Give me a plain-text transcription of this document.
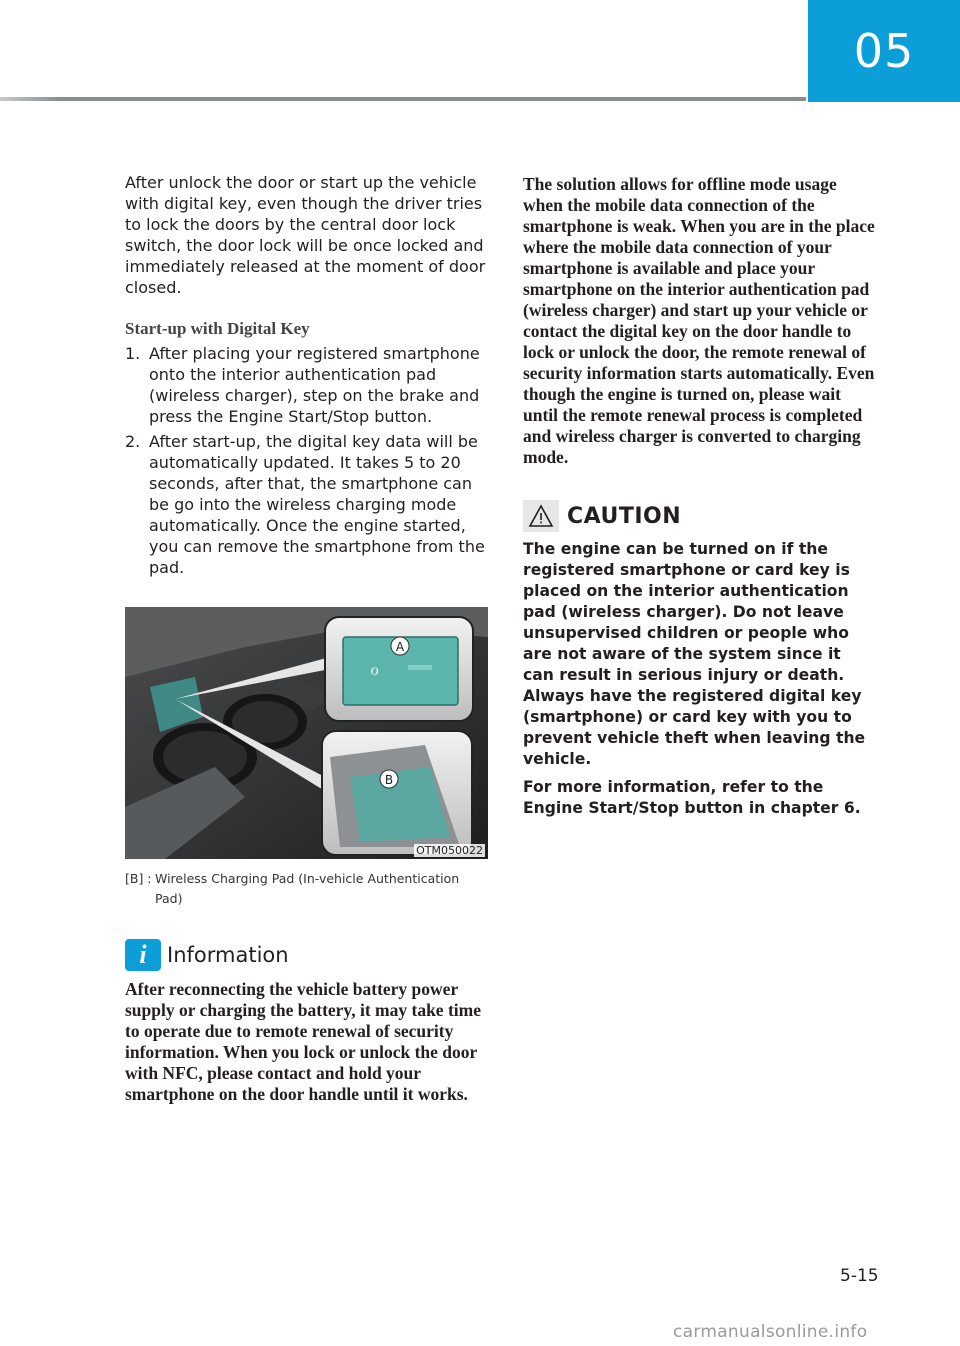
05

After unlock the door or start up the vehicle with digital key, even though the driver tries to lock the doors by the central door lock switch, the door lock will be once locked and immediately released at the moment of door closed.

Start-up with Digital Key
1. After placing your registered smartphone onto the interior authentication pad (wireless charger), step on the brake and press the Engine Start/Stop button.
2. After start-up, the digital key data will be automatically updated. It takes 5 to 20 seconds, after that, the smartphone can be go into the wireless charging mode automatically. Once the engine started, you can remove the smartphone from the pad.
ℴ
A
B
OTM050022
[B] : Wireless Charging Pad (In-vehicle Authentication Pad)
i Information

After reconnecting the vehicle battery power supply or charging the battery, it may take time to operate due to remote renewal of security information. When you lock or unlock the door with NFC, please contact and hold your smartphone on the door handle until it works.

The solution allows for offline mode usage when the mobile data connection of the smartphone is weak. When you are in the place where the mobile data connection of your smartphone is available and place your smartphone on the interior authentication pad (wireless charger) and start up your vehicle or contact the digital key on the door handle to lock or unlock the door, the remote renewal of security information starts automatically. Even though the engine is turned on, please wait until the remote renewal process is completed and wireless charger is converted to charging mode.

CAUTION

The engine can be turned on if the registered smartphone or card key is placed on the interior authentication pad (wireless charger). Do not leave unsupervised children or people who are not aware of the system since it can result in serious injury or death. Always have the registered digital key (smartphone) or card key with you to prevent vehicle theft when leaving the vehicle.

For more information, refer to the Engine Start/Stop button in chapter 6.

5-15
carmanualsonline.info
